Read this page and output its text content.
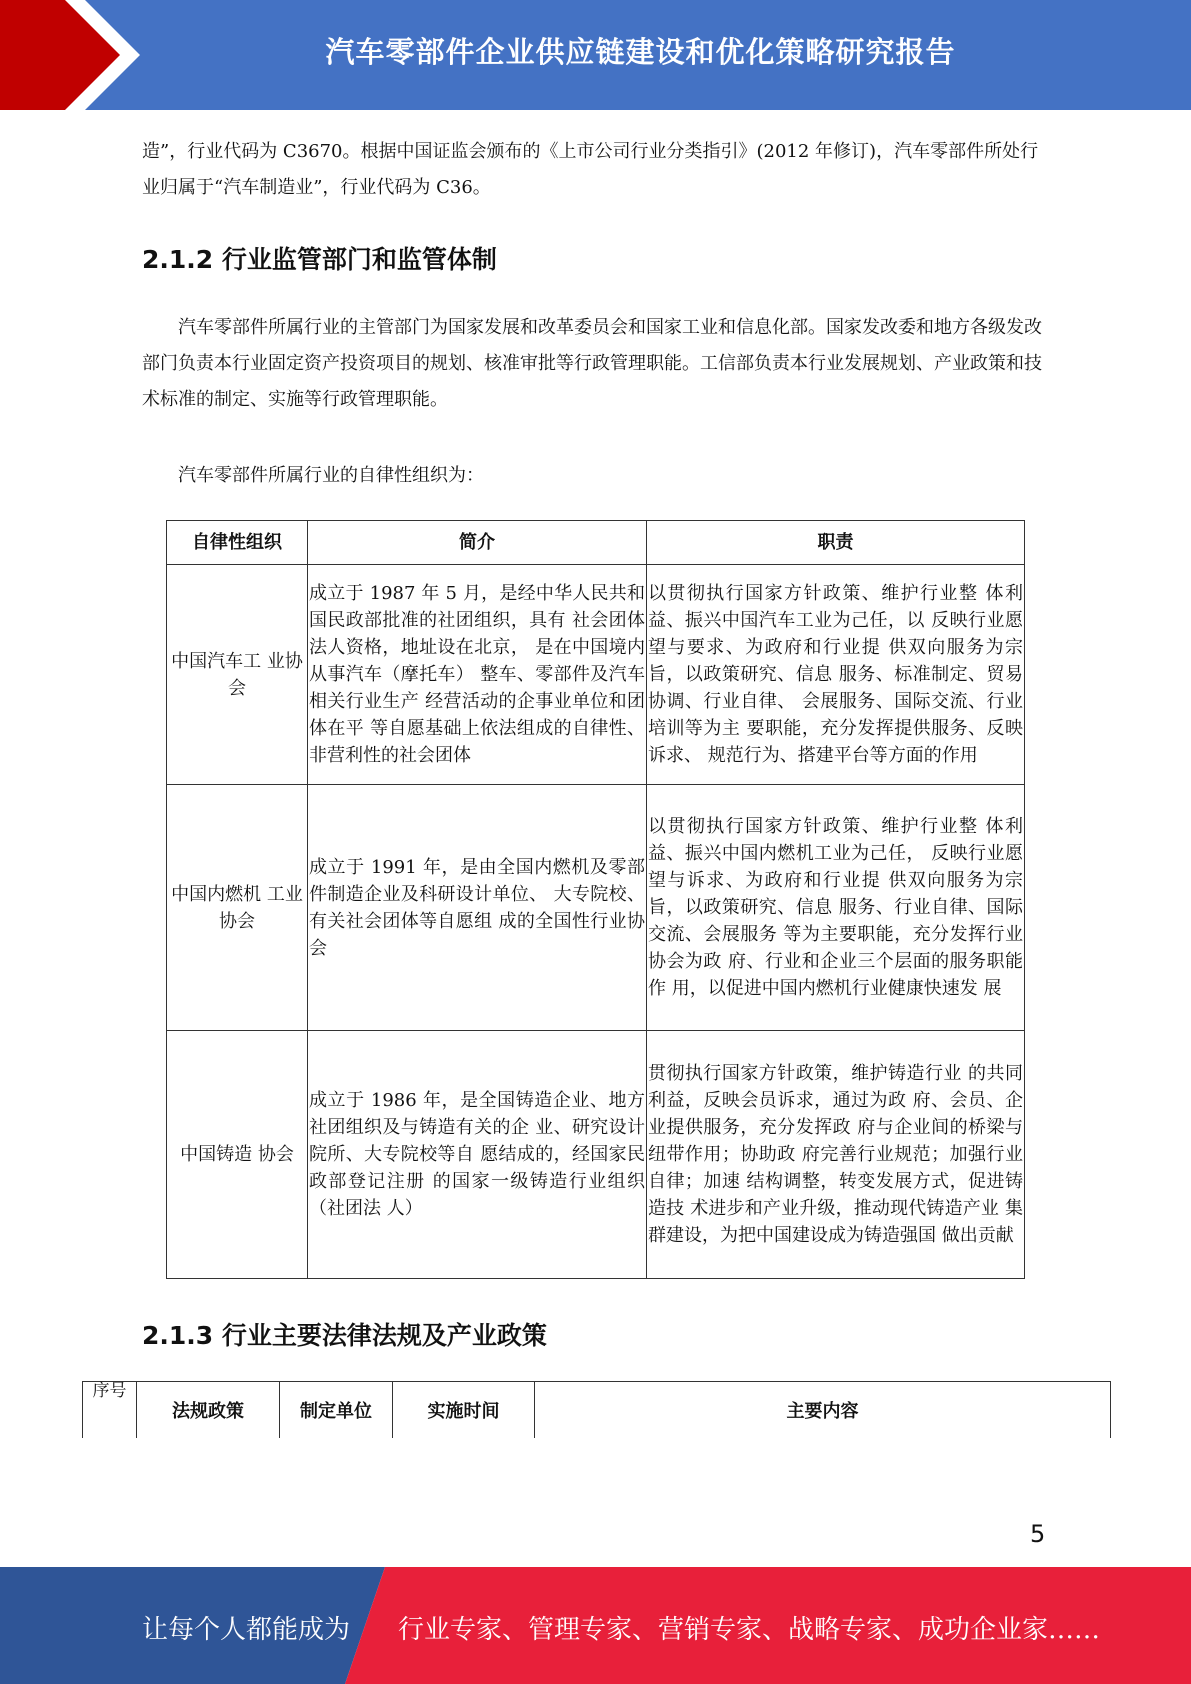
汽车零部件企业供应链建设和优化策略研究报告

造”，行业代码为 C3670。根据中国证监会颁布的《上市公司行业分类指引》(2012 年修订)，汽车零部件所处行业归属于“汽车制造业”，行业代码为 C36。

2.1.2 行业监管部门和监管体制

汽车零部件所属行业的主管部门为国家发展和改革委员会和国家工业和信息化部。国家发改委和地方各级发改部门负责本行业固定资产投资项目的规划、核准审批等行政管理职能。工信部负责本行业发展规划、产业政策和技术标准的制定、实施等行政管理职能。

汽车零部件所属行业的自律性组织为：

自律性组织	简介	职责
中国汽车工 业协会	成立于 1987 年 5 月，是经中华人民共和国民政部批准的社团组织，具有 社会团体法人资格，地址设在北京， 是在中国境内从事汽车（摩托车） 整车、零部件及汽车相关行业生产 经营活动的企事业单位和团体在平 等自愿基础上依法组成的自律性、 非营利性的社会团体	以贯彻执行国家方针政策、维护行业整 体利益、振兴中国汽车工业为己任，以 反映行业愿望与要求、为政府和行业提 供双向服务为宗旨，以政策研究、信息 服务、标准制定、贸易协调、行业自律、 会展服务、国际交流、行业培训等为主 要职能，充分发挥提供服务、反映诉求、 规范行为、搭建平台等方面的作用
中国内燃机 工业协会	成立于 1991 年，是由全国内燃机及零部件制造企业及科研设计单位、 大专院校、有关社会团体等自愿组 成的全国性行业协会	以贯彻执行国家方针政策、维护行业整 体利益、振兴中国内燃机工业为己任， 反映行业愿望与诉求、为政府和行业提 供双向服务为宗旨，以政策研究、信息 服务、行业自律、国际交流、会展服务 等为主要职能，充分发挥行业协会为政 府、行业和企业三个层面的服务职能作 用，以促进中国内燃机行业健康快速发 展
中国铸造 协会	成立于 1986 年，是全国铸造企业、地方社团组织及与铸造有关的企 业、研究设计院所、大专院校等自 愿结成的，经国家民政部登记注册 的国家一级铸造行业组织（社团法 人）	贯彻执行国家方针政策，维护铸造行业 的共同利益，反映会员诉求，通过为政 府、会员、企业提供服务，充分发挥政 府与企业间的桥梁与纽带作用；协助政 府完善行业规范；加强行业自律；加速 结构调整，转变发展方式，促进铸造技 术进步和产业升级，推动现代铸造产业 集群建设，为把中国建设成为铸造强国 做出贡献
2.1.3 行业主要法律法规及产业政策
序号	法规政策	制定单位	实施时间	主要内容
5
让每个人都能成为 行业专家、管理专家、营销专家、战略专家、成功企业家……
